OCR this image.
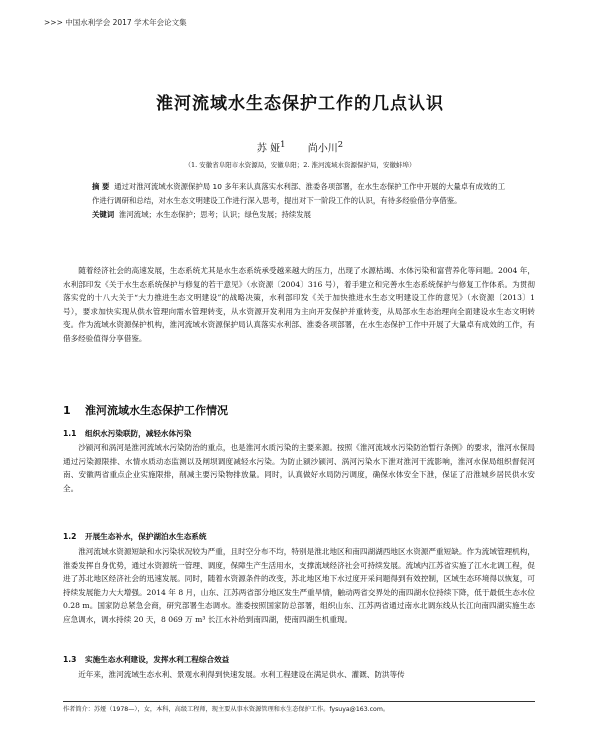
>>> 中国水利学会 2017 学术年会论文集
淮河流域水生态保护工作的几点认识
苏 娅$^1$ 尚小川$^2$
（1. 安徽省阜阳市水资源局，安徽阜阳；2. 淮河流域水资源保护局，安徽蚌埠）

摘 要 通过对淮河流域水资源保护局 10 多年来认真落实水利部、淮委各项部署，在水生态保护工作中开展的大量卓有成效的工作进行调研和总结，对水生态文明建设工作进行深入思考，提出对下一阶段工作的认识，有待多经验借分享借鉴。

关键词 淮河流域；水生态保护；思考；认识；绿色发展；持续发展

随着经济社会的高速发展，生态系统尤其是水生态系统承受越来越大的压力，出现了水源枯竭、水体污染和富营养化等问题。2004 年，水利部印发《关于水生态系统保护与修复的若干意见》（水资源〔2004〕316 号），着手建立和完善水生态系统保护与修复工作体系。为贯彻落实党的十八大关于“大力推进生态文明建设”的战略决策，水利部印发《关于加快推进水生态文明建设工作的意见》（水资源〔2013〕1 号），要求加快实现从供水管理向需水管理转变，从水资源开发利用为主向开发保护并重转变，从局部水生态治理向全面建设水生态文明转变。作为流域水资源保护机构，淮河流域水资源保护局认真落实水利部、淮委各项部署，在水生态保护工作中开展了大量卓有成效的工作，有借多经验值得分享借鉴。

1 淮河流域水生态保护工作情况
1.1 组织水污染联防，减轻水体污染

沙颍河和涡河是淮河流域水污染防治的重点，也是淮河水质污染的主要来源。按照《淮河流域水污染防治暂行条例》的要求，淮河水保局通过污染源限排、水情水质动态监测以及闸坝调度减轻水污染。为防止颍沙颍河、涡河污染水下泄对淮河干流影响，淮河水保局组织督促河南、安徽两省重点企业实施限排，削减主要污染物排放量。同时，认真做好水局防污调度，确保水体安全下泄，保证了沿淮城乡居民供水安全。

1.2 开展生态补水，保护湖泊水生态系统

淮河流域水资源短缺和水污染状况较为严重，且时空分布不均，特别是淮北地区和南四湖湖西地区水资源严重短缺。作为流域管理机构，淮委发挥自身优势，通过水资源统一管理、调度，保障生产生活用水，支撑流域经济社会可持续发展。流域内江苏省实施了江水北调工程，促进了苏北地区经济社会的迅速发展。同时，随着水资源条件的改变，苏北地区地下水过度开采问题得到有效控制，区域生态环境得以恢复，可持续发展能力大大增强。2014 年 8 月，山东、江苏两省部分地区发生严重旱情，触动两省交界处的南四湖水位持续下降，低于最低生态水位 0.28 m。国家防总紧急会商，研究部署生态调水。淮委按照国家防总部署，组织山东、江苏两省通过南水北调东线从长江向南四湖实施生态应急调水，调水持续 20 天，8 069 万 m³ 长江水补给到南四湖，使南四湖生机重现。

1.3 实施生态水利建设，发挥水利工程综合效益

近年来，淮河流域生态水利、景观水利得到快速发展。水利工程建设在满足供水、灌溉、防洪等传

作者简介：苏娅（1978—），女，本科，高级工程师，现主要从事水资源管理和水生态保护工作。fysuya@163.com。
